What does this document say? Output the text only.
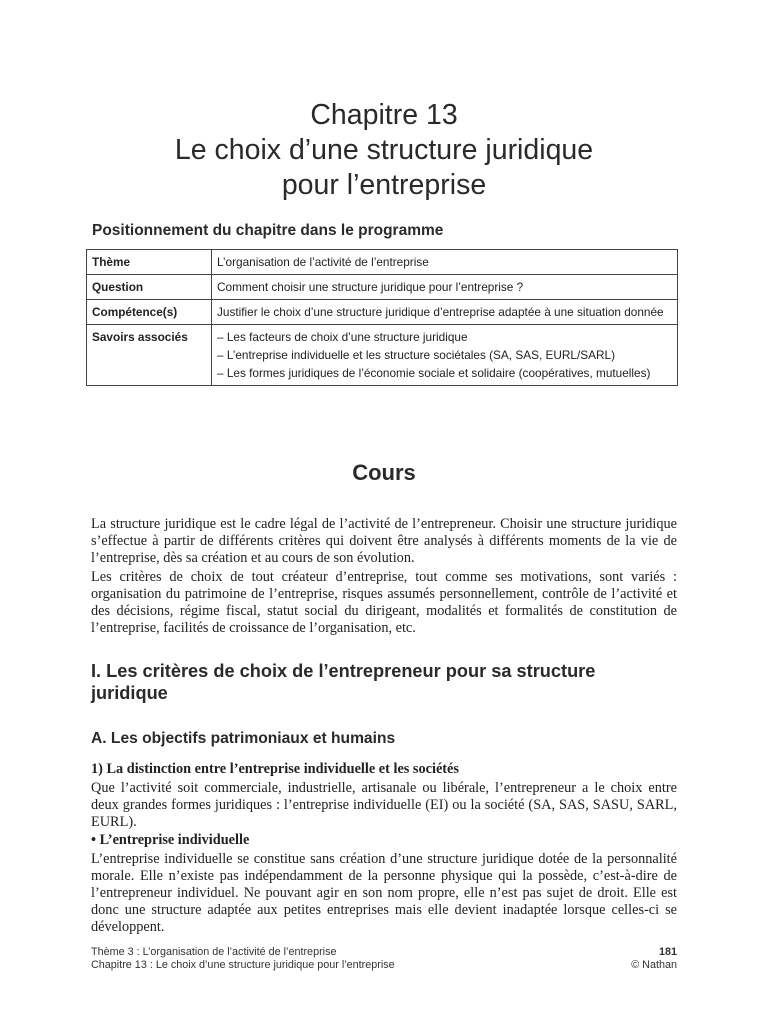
Chapitre 13
Le choix d’une structure juridique
pour l’entreprise
Positionnement du chapitre dans le programme
Thème	L’organisation de l’activité de l’entreprise
Question	Comment choisir une structure juridique pour l’entreprise ?
Compétence(s)	Justifier le choix d’une structure juridique d’entreprise adaptée à une situation donnée
Savoirs associés	– Les facteurs de choix d’une structure juridique
– L’entreprise individuelle et les structure sociétales (SA, SAS, EURL/SARL)
– Les formes juridiques de l’économie sociale et solidaire (coopératives, mutuelles)
Cours
La structure juridique est le cadre légal de l’activité de l’entrepreneur. Choisir une structure juridique s’effectue à partir de différents critères qui doivent être analysés à différents moments de la vie de l’entreprise, dès sa création et au cours de son évolution.
Les critères de choix de tout créateur d’entreprise, tout comme ses motivations, sont variés : organisation du patrimoine de l’entreprise, risques assumés personnellement, contrôle de l’activité et des décisions, régime fiscal, statut social du dirigeant, modalités et formalités de constitution de l’entreprise, facilités de croissance de l’organisation, etc.
I. Les critères de choix de l’entrepreneur pour sa structure juridique
A. Les objectifs patrimoniaux et humains
1) La distinction entre l’entreprise individuelle et les sociétés
Que l’activité soit commerciale, industrielle, artisanale ou libérale, l’entrepreneur a le choix entre deux grandes formes juridiques : l’entreprise individuelle (EI) ou la société (SA, SAS, SASU, SARL, EURL).
• L’entreprise individuelle
L’entreprise individuelle se constitue sans création d’une structure juridique dotée de la personnalité morale. Elle n’existe pas indépendamment de la personne physique qui la possède, c’est-à-dire de l’entrepreneur individuel. Ne pouvant agir en son nom propre, elle n’est pas sujet de droit. Elle est donc une structure adaptée aux petites entreprises mais elle devient inadaptée lorsque celles-ci se développent.
Thème 3 : L’organisation de l’activité de l’entreprise	181
Chapitre 13 : Le choix d’une structure juridique pour l’entreprise	© Nathan
